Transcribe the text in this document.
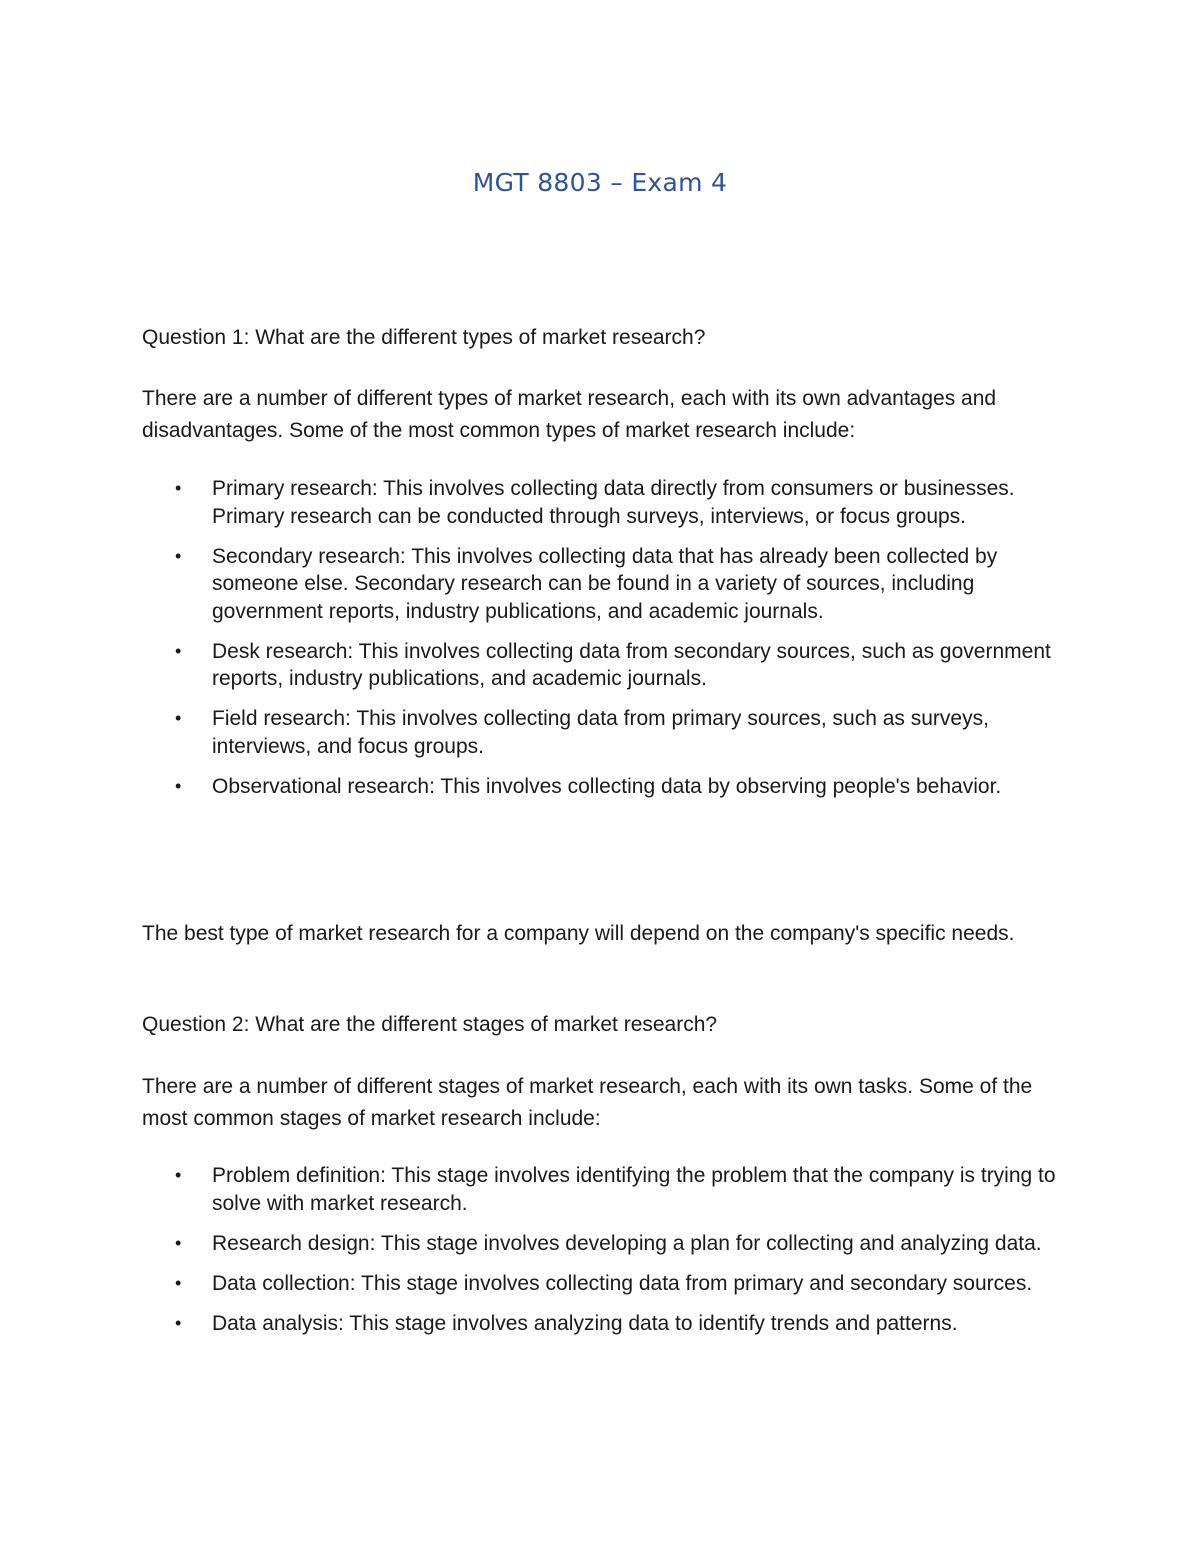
MGT 8803 – Exam 4

Question 1: What are the different types of market research?

There are a number of different types of market research, each with its own advantages and disadvantages. Some of the most common types of market research include:

• Primary research: This involves collecting data directly from consumers or businesses. Primary research can be conducted through surveys, interviews, or focus groups.
• Secondary research: This involves collecting data that has already been collected by someone else. Secondary research can be found in a variety of sources, including government reports, industry publications, and academic journals.
• Desk research: This involves collecting data from secondary sources, such as government reports, industry publications, and academic journals.
• Field research: This involves collecting data from primary sources, such as surveys, interviews, and focus groups.
• Observational research: This involves collecting data by observing people's behavior.

The best type of market research for a company will depend on the company's specific needs.

Question 2: What are the different stages of market research?

There are a number of different stages of market research, each with its own tasks. Some of the most common stages of market research include:

• Problem definition: This stage involves identifying the problem that the company is trying to solve with market research.
• Research design: This stage involves developing a plan for collecting and analyzing data.
• Data collection: This stage involves collecting data from primary and secondary sources.
• Data analysis: This stage involves analyzing data to identify trends and patterns.
